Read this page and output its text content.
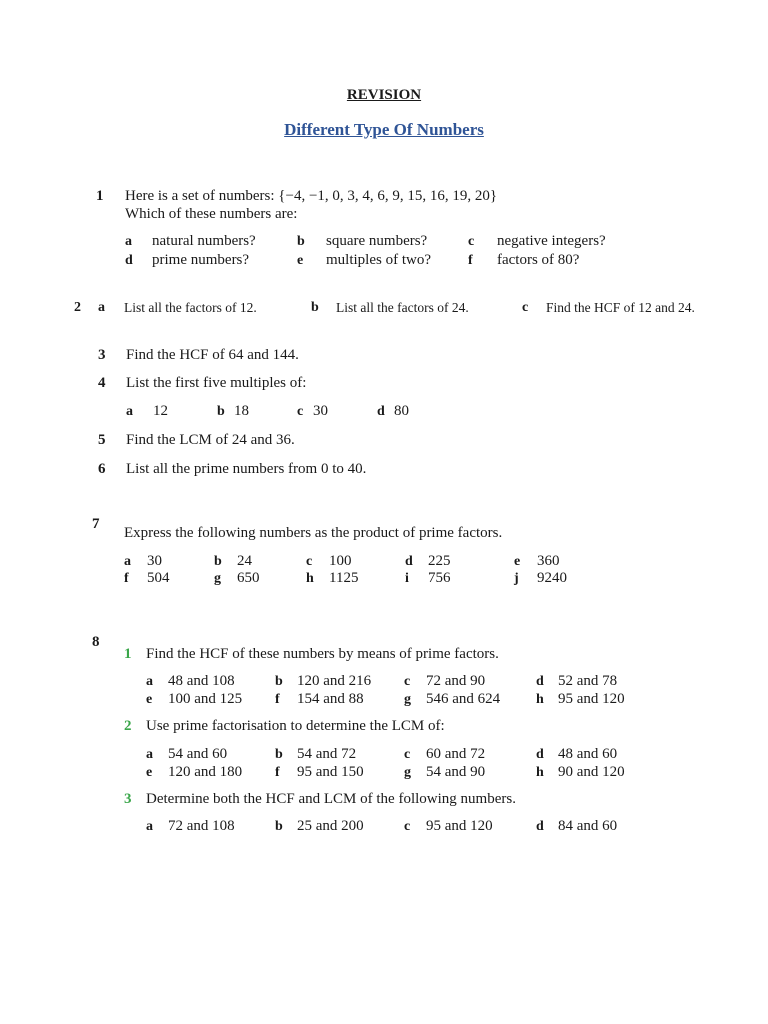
REVISION
Different Type Of Numbers
1 Here is a set of numbers: {−4, −1, 0, 3, 4, 6, 9, 15, 16, 19, 20}
Which of these numbers are:
a natural numbers?	b square numbers?	c negative integers?
d prime numbers?	e multiples of two?	f factors of 80?
2 a List all the factors of 12.	b List all the factors of 24.	c Find the HCF of 12 and 24.
3 Find the HCF of 64 and 144.
4 List the first five multiples of:
a 12	b 18	c 30	d 80
5 Find the LCM of 24 and 36.
6 List all the prime numbers from 0 to 40.
7
Express the following numbers as the product of prime factors.
a 30	b 24	c 100	d 225	e 360
f 504	g 650	h 1125	i 756	j 9240
8
1 Find the HCF of these numbers by means of prime factors.
a 48 and 108	b 120 and 216 c 72 and 90	d 52 and 78
e 100 and 125 f 154 and 88	g 546 and 624	h 95 and 120
2 Use prime factorisation to determine the LCM of:
a 54 and 60	b 54 and 72	c 60 and 72	d 48 and 60
e 120 and 180 f 95 and 150	g 54 and 90	h 90 and 120
3 Determine both the HCF and LCM of the following numbers.
a 72 and 108	b 25 and 200	c 95 and 120	d 84 and 60
